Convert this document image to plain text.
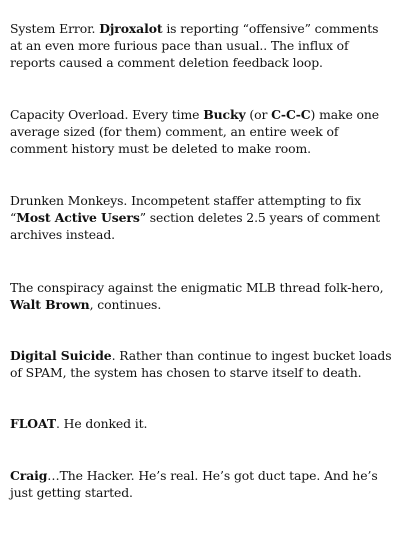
System Error. Djroxalot is reporting “offensive” comments
at an even more furious pace than usual.. The influx of
reports caused a comment deletion feedback loop.

Capacity Overload. Every time Bucky (or C-C-C) make one
average sized (for them) comment, an entire week of
comment history must be deleted to make room.

Drunken Monkeys. Incompetent staffer attempting to fix
“Most Active Users” section deletes 2.5 years of comment
archives instead.

The conspiracy against the enigmatic MLB thread folk-hero,
Walt Brown, continues.

Digital Suicide. Rather than continue to ingest bucket loads
of SPAM, the system has chosen to starve itself to death.

FLOAT. He donked it.

Craig…The Hacker. He’s real. He’s got duct tape. And he’s
just getting started.
